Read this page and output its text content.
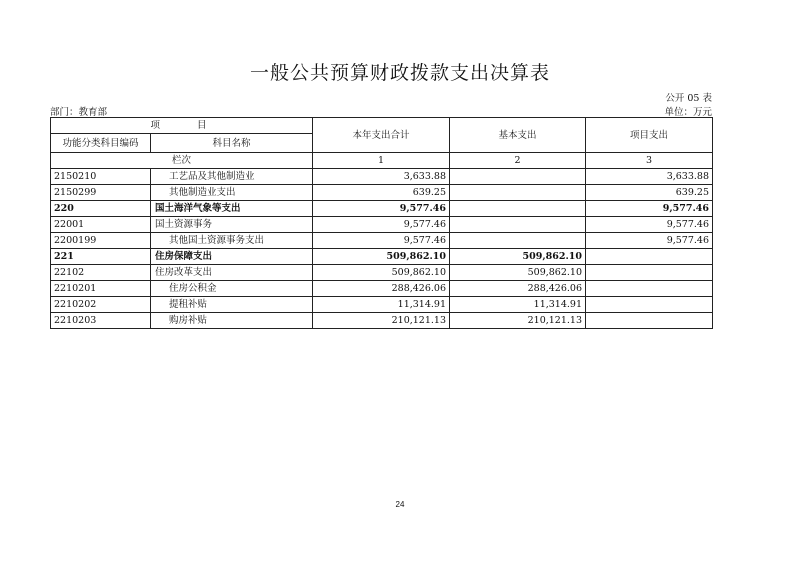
一般公共预算财政拨款支出决算表
公开 05 表
部门：教育部	单位：万元
项　　目		本年支出合计	基本支出	项目支出
功能分类科目编码	科目名称			
栏次		1	2	3
2150210	工艺品及其他制造业	3,633.88		3,633.88
2150299	其他制造业支出	639.25		639.25
220	国土海洋气象等支出	9,577.46		9,577.46
22001	国土资源事务	9,577.46		9,577.46
2200199	其他国土资源事务支出	9,577.46		9,577.46
221	住房保障支出	509,862.10	509,862.10	
22102	住房改革支出	509,862.10	509,862.10	
2210201	住房公积金	288,426.06	288,426.06	
2210202	提租补贴	11,314.91	11,314.91	
2210203	购房补贴	210,121.13	210,121.13	
24
